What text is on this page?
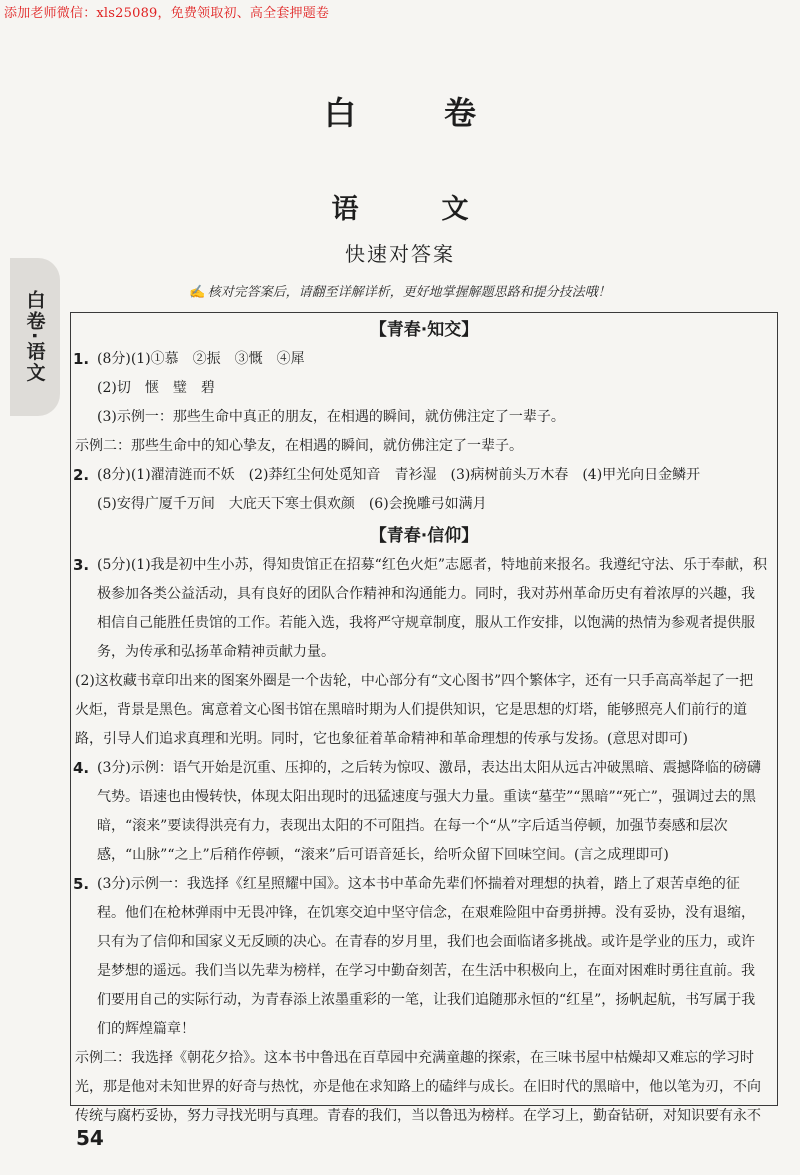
添加老师微信：xls25089，免费领取初、高全套押题卷
白　卷
语　文
快速对答案
✍ 核对完答案后，请翻至详解详析，更好地掌握解题思路和提分技法哦！
白卷·语文	【青春·知交】
1. (8分)(1)①慕　②振　③慨　④犀

(2)切　惬　璧　碧

(3)示例一：那些生命中真正的朋友，在相遇的瞬间，就仿佛注定了一辈子。

示例二：那些生命中的知心挚友，在相遇的瞬间，就仿佛注定了一辈子。

2. (8分)(1)濯清涟而不妖　(2)莽红尘何处觅知音　青衫湿　(3)病树前头万木春　(4)甲光向日金鳞开

(5)安得广厦千万间　大庇天下寒士俱欢颜　(6)会挽雕弓如满月

【青春·信仰】
3. (5分)(1)我是初中生小苏，得知贵馆正在招募“红色火炬”志愿者，特地前来报名。我遵纪守法、乐于奉献，积极参加各类公益活动，具有良好的团队合作精神和沟通能力。同时，我对苏州革命历史有着浓厚的兴趣，我相信自己能胜任贵馆的工作。若能入选，我将严守规章制度，服从工作安排，以饱满的热情为参观者提供服务，为传承和弘扬革命精神贡献力量。

(2)这枚藏书章印出来的图案外圈是一个齿轮，中心部分有“文心图书”四个繁体字，还有一只手高高举起了一把火炬，背景是黑色。寓意着文心图书馆在黑暗时期为人们提供知识，它是思想的灯塔，能够照亮人们前行的道路，引导人们追求真理和光明。同时，它也象征着革命精神和革命理想的传承与发扬。(意思对即可)

4. (3分)示例：语气开始是沉重、压抑的，之后转为惊叹、激昂，表达出太阳从远古冲破黑暗、震撼降临的磅礴气势。语速也由慢转快，体现太阳出现时的迅猛速度与强大力量。重读“墓茔”“黑暗”“死亡”，强调过去的黑暗，“滚来”要读得洪亮有力，表现出太阳的不可阻挡。在每一个“从”字后适当停顿，加强节奏感和层次感，“山脉”“之上”后稍作停顿，“滚来”后可语音延长，给听众留下回味空间。(言之成理即可)

5. (3分)示例一：我选择《红星照耀中国》。这本书中革命先辈们怀揣着对理想的执着，踏上了艰苦卓绝的征程。他们在枪林弹雨中无畏冲锋，在饥寒交迫中坚守信念，在艰难险阻中奋勇拼搏。没有妥协，没有退缩，只有为了信仰和国家义无反顾的决心。在青春的岁月里，我们也会面临诸多挑战。或许是学业的压力，或许是梦想的遥远。我们当以先辈为榜样，在学习中勤奋刻苦，在生活中积极向上，在面对困难时勇往直前。我们要用自己的实际行动，为青春添上浓墨重彩的一笔，让我们追随那永恒的“红星”，扬帆起航，书写属于我们的辉煌篇章！

示例二：我选择《朝花夕拾》。这本书中鲁迅在百草园中充满童趣的探索，在三味书屋中枯燥却又难忘的学习时光，那是他对未知世界的好奇与热忱，亦是他在求知路上的磕绊与成长。在旧时代的黑暗中，他以笔为刃，不向传统与腐朽妥协，努力寻找光明与真理。青春的我们，当以鲁迅为榜样。在学习上，勤奋钻研，对知识要有永不

54
